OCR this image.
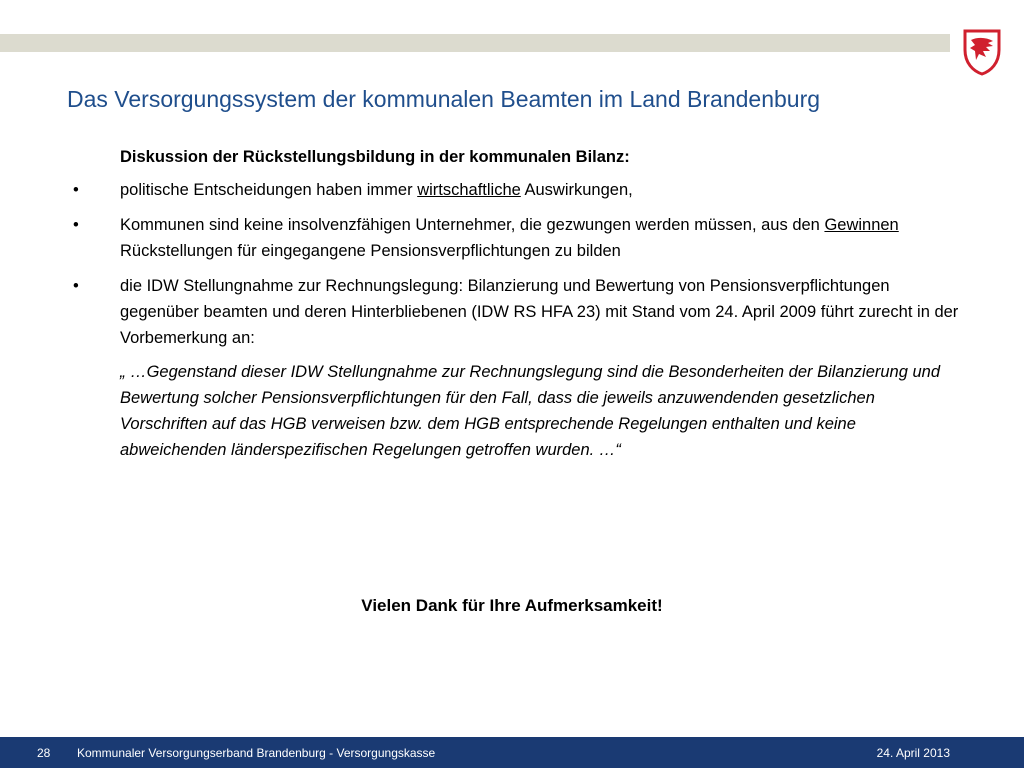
Das Versorgungssystem der kommunalen Beamten im Land Brandenburg
Diskussion der Rückstellungsbildung in der kommunalen Bilanz:
• politische Entscheidungen haben immer wirtschaftliche Auswirkungen,
• Kommunen sind keine insolvenzfähigen Unternehmer, die gezwungen werden müssen, aus den Gewinnen Rückstellungen für eingegangene Pensionsverpflichtungen zu bilden
• die IDW Stellungnahme zur Rechnungslegung: Bilanzierung und Bewertung von Pensionsverpflichtungen gegenüber beamten und deren Hinterbliebenen (IDW RS HFA 23) mit Stand vom 24. April 2009 führt zurecht in der Vorbemerkung an:
„ …Gegenstand dieser IDW Stellungnahme zur Rechnungslegung sind die Besonderheiten der Bilanzierung und Bewertung solcher Pensionsverpflichtungen für den Fall, dass die jeweils anzuwendenden gesetzlichen Vorschriften auf das HGB verweisen bzw. dem HGB entsprechende Regelungen enthalten und keine abweichenden länderspezifischen Regelungen getroffen wurden. …“
Vielen Dank für Ihre Aufmerksamkeit!
28 Kommunaler Versorgungserband Brandenburg - Versorgungskasse	24. April 2013
